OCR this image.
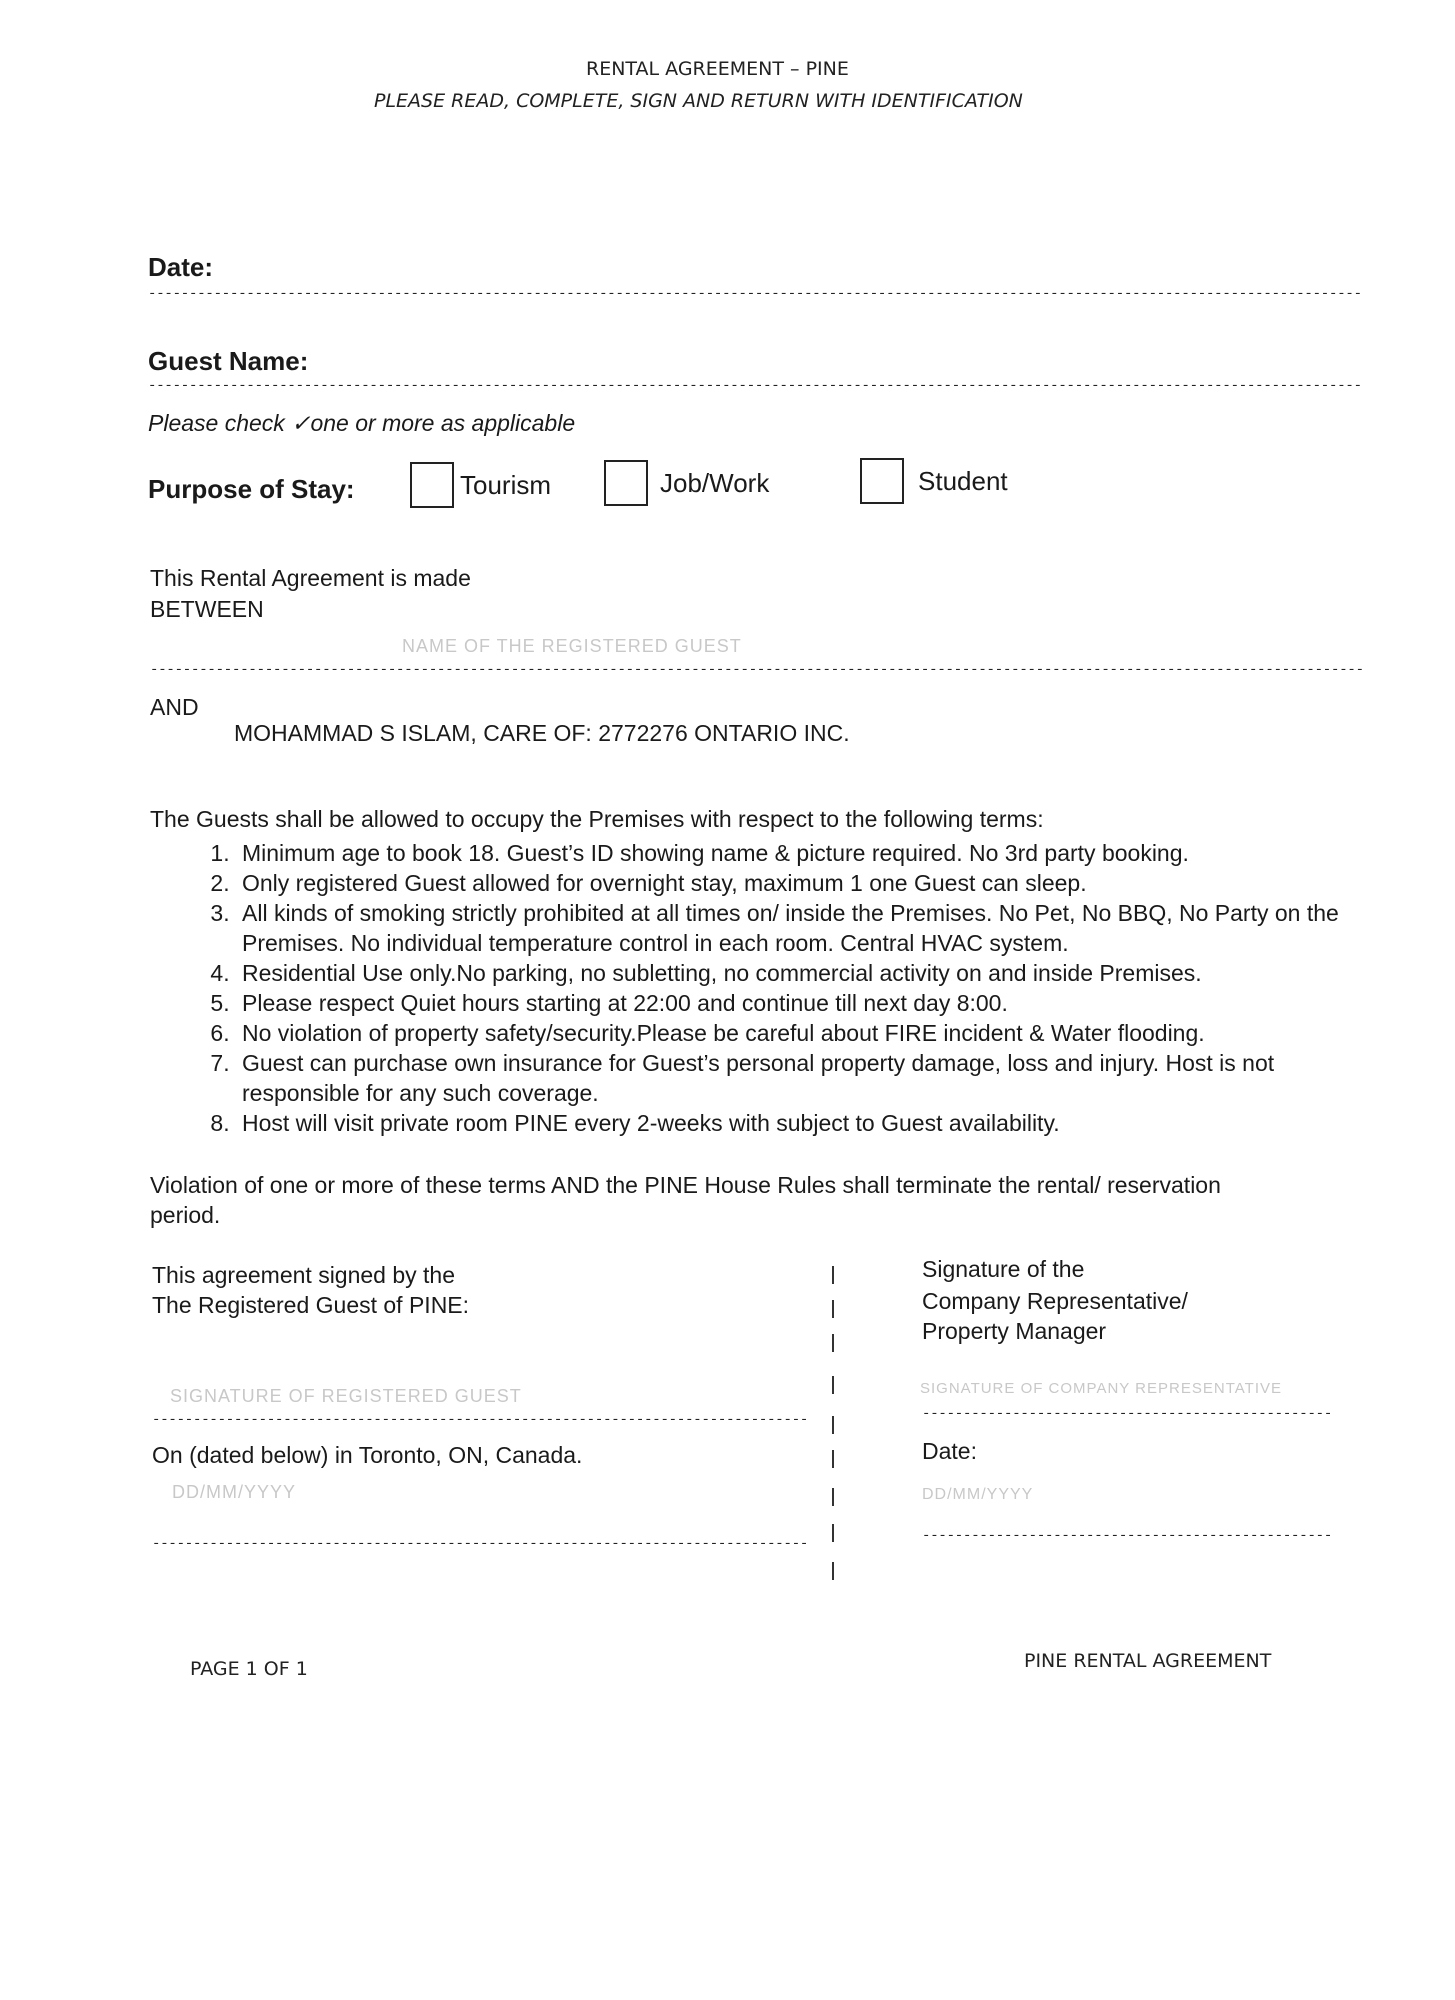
RENTAL AGREEMENT – PINE
PLEASE READ, COMPLETE, SIGN AND RETURN WITH IDENTIFICATION
Date:
----------------------------------------------------------------------------------------------------------------------------------------------------
Guest Name:
----------------------------------------------------------------------------------------------------------------------------------------------------
Please check ✓one or more as applicable
Purpose of Stay:	Tourism	Job/Work	Student
This Rental Agreement is made
BETWEEN
NAME OF THE REGISTERED GUEST
----------------------------------------------------------------------------------------------------------------------------------------------------
AND
MOHAMMAD S ISLAM, CARE OF: 2772276 ONTARIO INC.
The Guests shall be allowed to occupy the Premises with respect to the following terms:
1. Minimum age to book 18. Guest’s ID showing name & picture required. No 3rd party booking.
2. Only registered Guest allowed for overnight stay, maximum 1 one Guest can sleep.
3. All kinds of smoking strictly prohibited at all times on/ inside the Premises. No Pet, No BBQ, No Party on the Premises. No individual temperature control in each room. Central HVAC system.
4. Residential Use only.No parking, no subletting, no commercial activity on and inside Premises.
5. Please respect Quiet hours starting at 22:00 and continue till next day 8:00.
6. No violation of property safety/security.Please be careful about FIRE incident & Water flooding.
7. Guest can purchase own insurance for Guest’s personal property damage, loss and injury. Host is not responsible for any such coverage.
8. Host will visit private room PINE every 2-weeks with subject to Guest availability.
Violation of one or more of these terms AND the PINE House Rules shall terminate the rental/ reservation period.
This agreement signed by the
The Registered Guest of PINE:
SIGNATURE OF REGISTERED GUEST
--------------------------------------------------------------------------------
On (dated below) in Toronto, ON, Canada.
DD/MM/YYYY
--------------------------------------------------------------------------------
Signature of the
Company Representative/
Property Manager
SIGNATURE OF COMPANY REPRESENTATIVE
--------------------------------------------------
Date:
DD/MM/YYYY
--------------------------------------------------
PAGE 1 OF 1	PINE RENTAL AGREEMENT
